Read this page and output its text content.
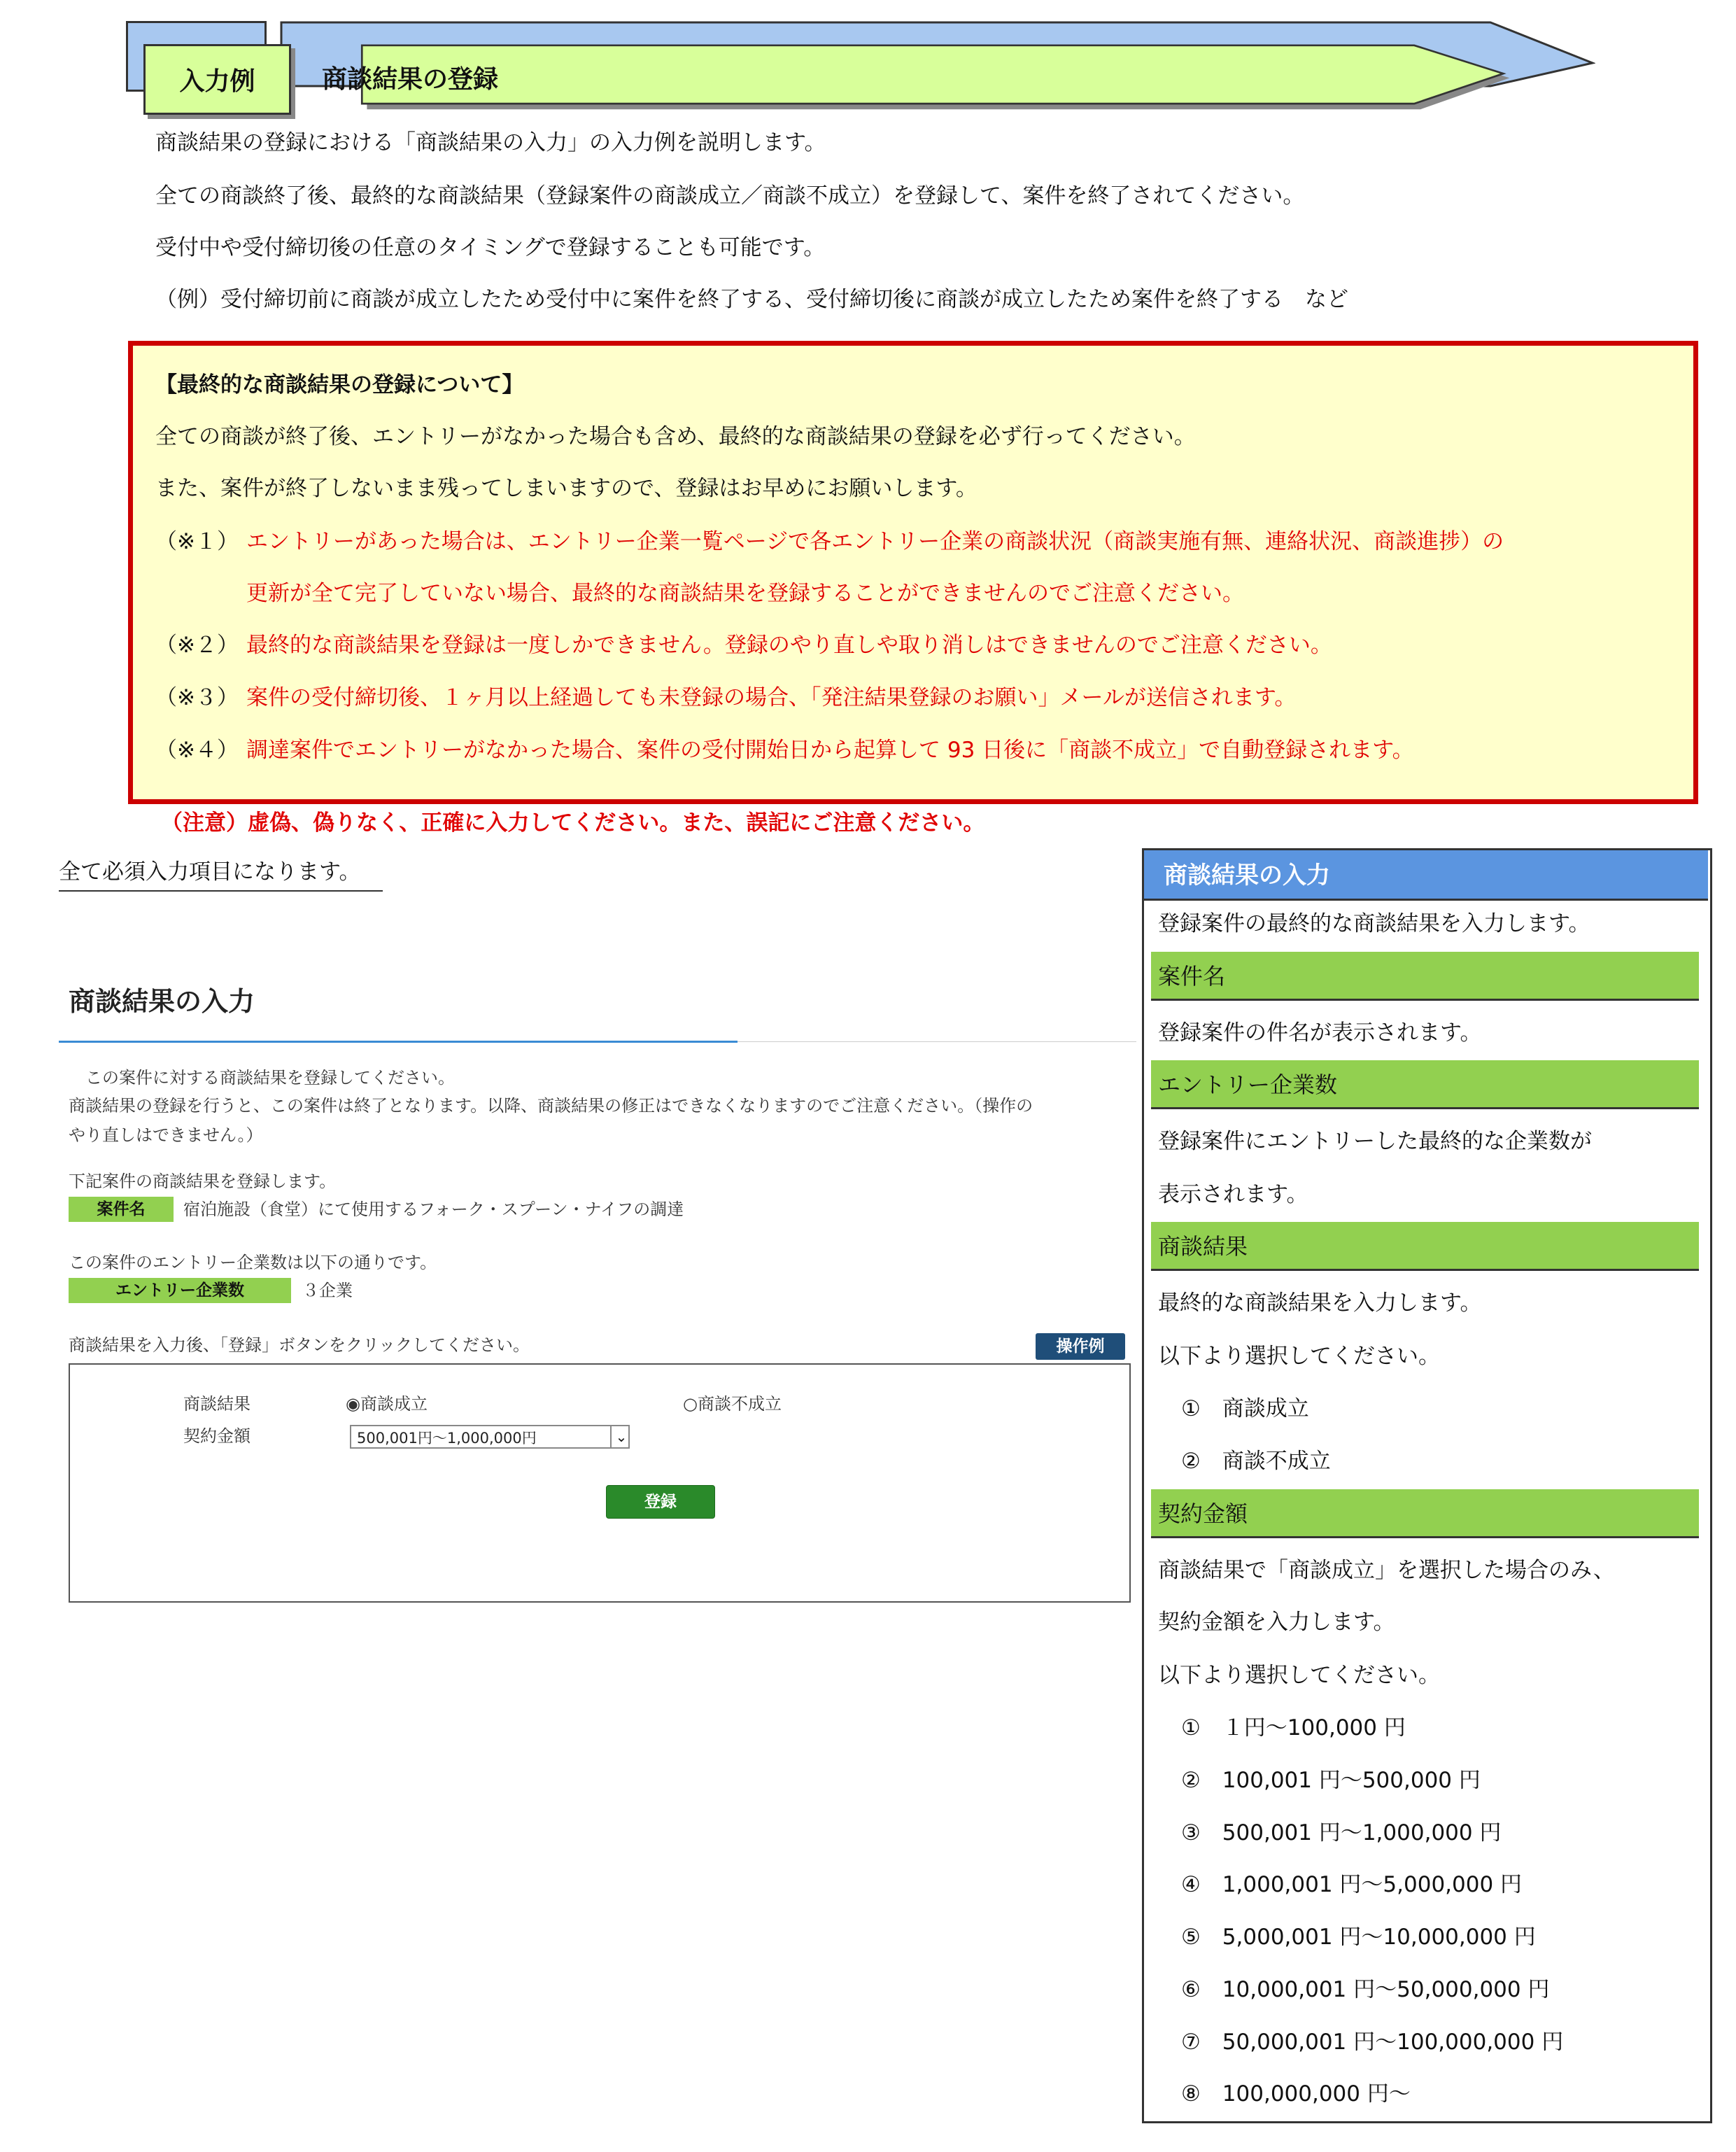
入力例	商談結果の登録
商談結果の登録における「商談結果の入力」の入力例を説明します。
全ての商談終了後、最終的な商談結果（登録案件の商談成立／商談不成立）を登録して、案件を終了されてください。
受付中や受付締切後の任意のタイミングで登録することも可能です。
（例）受付締切前に商談が成立したため受付中に案件を終了する、受付締切後に商談が成立したため案件を終了する　など
【最終的な商談結果の登録について】
全ての商談が終了後、エントリーがなかった場合も含め、最終的な商談結果の登録を必ず行ってください。
また、案件が終了しないまま残ってしまいますので、登録はお早めにお願いします。
（※１） エントリーがあった場合は、エントリー企業一覧ページで各エントリー企業の商談状況（商談実施有無、連絡状況、商談進捗）の
更新が全て完了していない場合、最終的な商談結果を登録することができませんのでご注意ください。
（※２） 最終的な商談結果を登録は一度しかできません。登録のやり直しや取り消しはできませんのでご注意ください。
（※３） 案件の受付締切後、１ヶ月以上経過しても未登録の場合、「発注結果登録のお願い」メールが送信されます。
（※４） 調達案件でエントリーがなかった場合、案件の受付開始日から起算して 93 日後に「商談不成立」で自動登録されます。
（注意）虚偽、偽りなく、正確に入力してください。また、誤記にご注意ください。
全て必須入力項目になります。
商談結果の入力
この案件に対する商談結果を登録してください。
商談結果の登録を行うと、この案件は終了となります。以降、商談結果の修正はできなくなりますのでご注意ください。（操作の
やり直しはできません。）
下記案件の商談結果を登録します。
案件名	宿泊施設（食堂）にて使用するフォーク・スプーン・ナイフの調達
この案件のエントリー企業数は以下の通りです。
エントリー企業数	３企業
商談結果を入力後、「登録」ボタンをクリックしてください。	操作例
商談結果	◉商談成立	○商談不成立
契約金額	500,001円～1,000,000円	⌄
登録
商談結果の入力
登録案件の最終的な商談結果を入力します。
案件名
登録案件の件名が表示されます。
エントリー企業数
登録案件にエントリーした最終的な企業数が
表示されます。
商談結果
最終的な商談結果を入力します。
以下より選択してください。
①　商談成立
②　商談不成立
契約金額
商談結果で「商談成立」を選択した場合のみ、
契約金額を入力します。
以下より選択してください。
①　１円～100,000 円
②　100,001 円～500,000 円
③　500,001 円～1,000,000 円
④　1,000,001 円～5,000,000 円
⑤　5,000,001 円～10,000,000 円
⑥　10,000,001 円～50,000,000 円
⑦　50,000,001 円～100,000,000 円
⑧　100,000,000 円～
